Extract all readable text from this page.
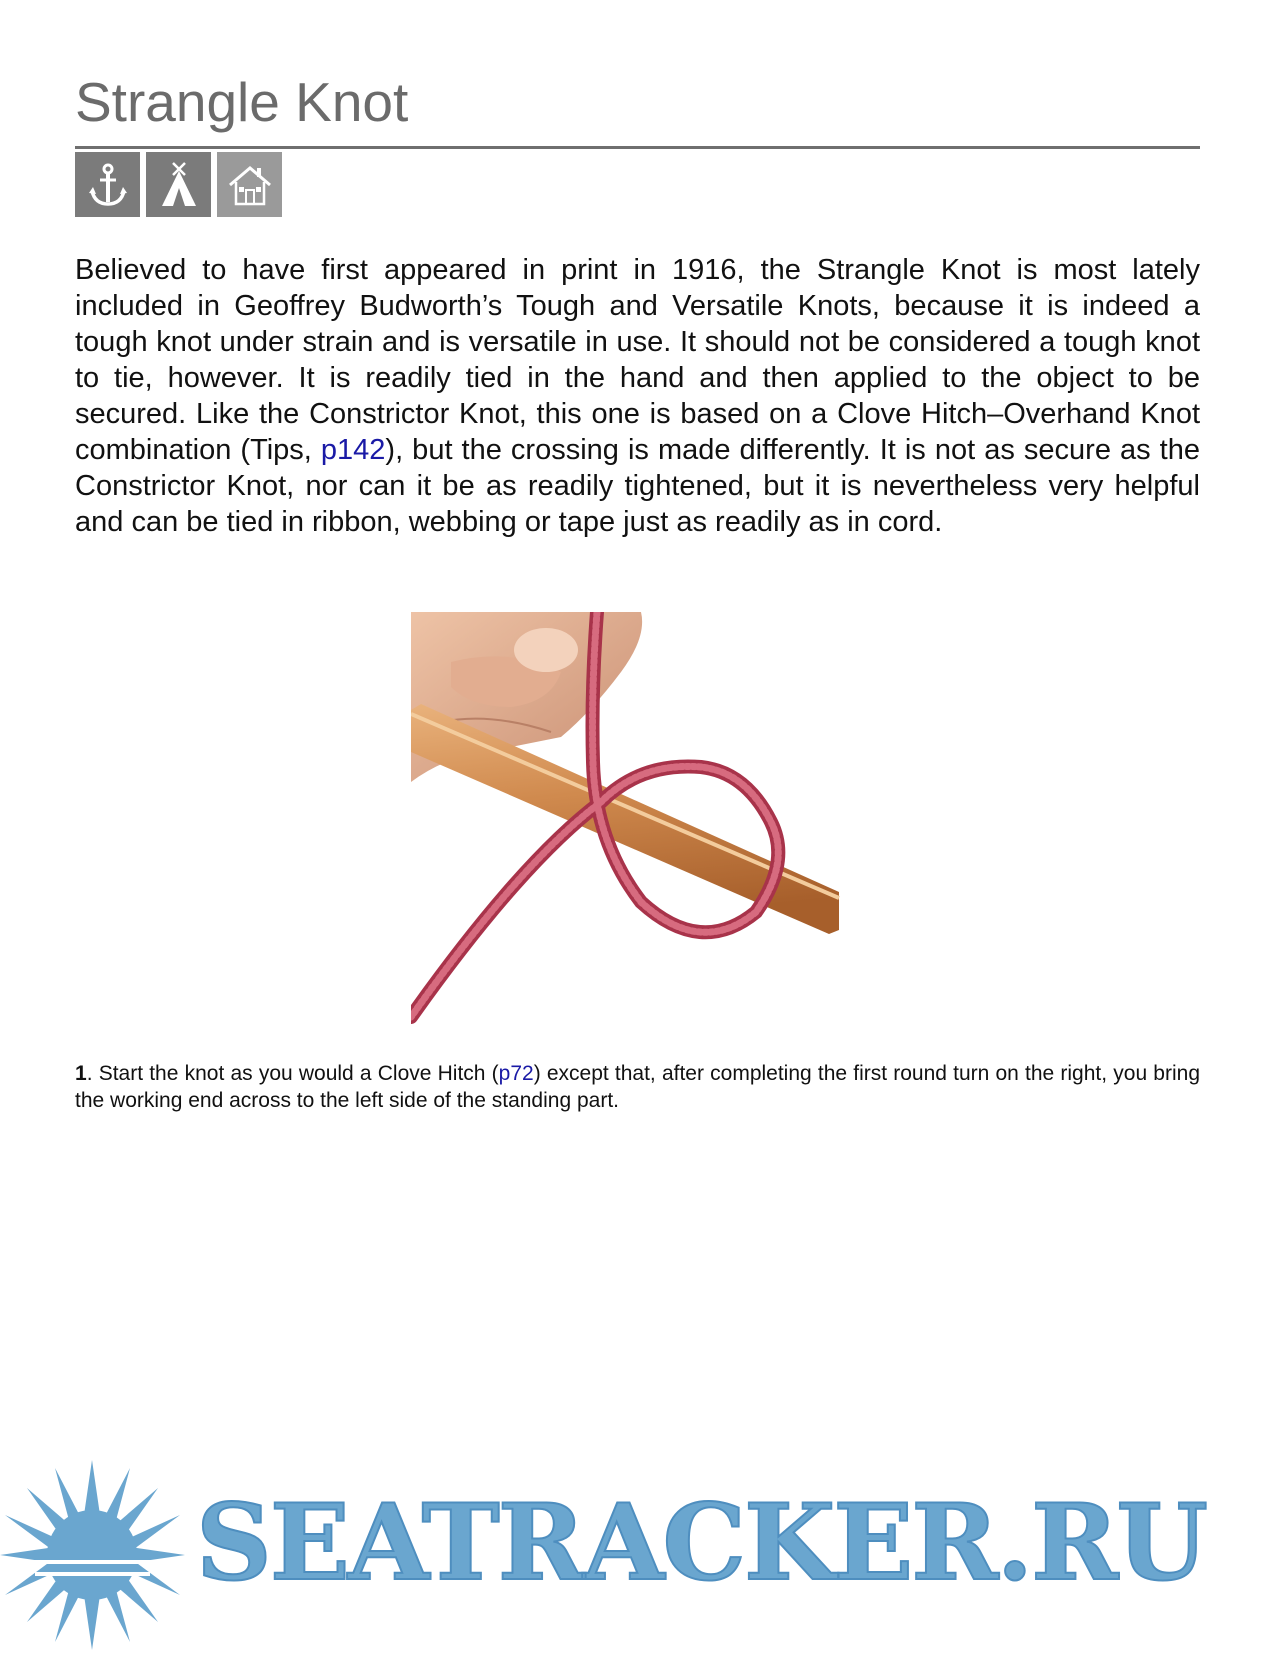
Strangle Knot

Believed to have first appeared in print in 1916, the Strangle Knot is most lately included in Geoffrey Budworth’s Tough and Versatile Knots, because it is indeed a tough knot under strain and is versatile in use. It should not be considered a tough knot to tie, however. It is readily tied in the hand and then applied to the object to be secured. Like the Constrictor Knot, this one is based on a Clove Hitch–Overhand Knot combination (Tips, p142), but the crossing is made differently. It is not as secure as the Constrictor Knot, nor can it be as readily tightened, but it is nevertheless very helpful and can be tied in ribbon, webbing or tape just as readily as in cord.

1. Start the knot as you would a Clove Hitch (p72) except that, after completing the first round turn on the right, you bring the working end across to the left side of the standing part.

SEATRACKER.RU
